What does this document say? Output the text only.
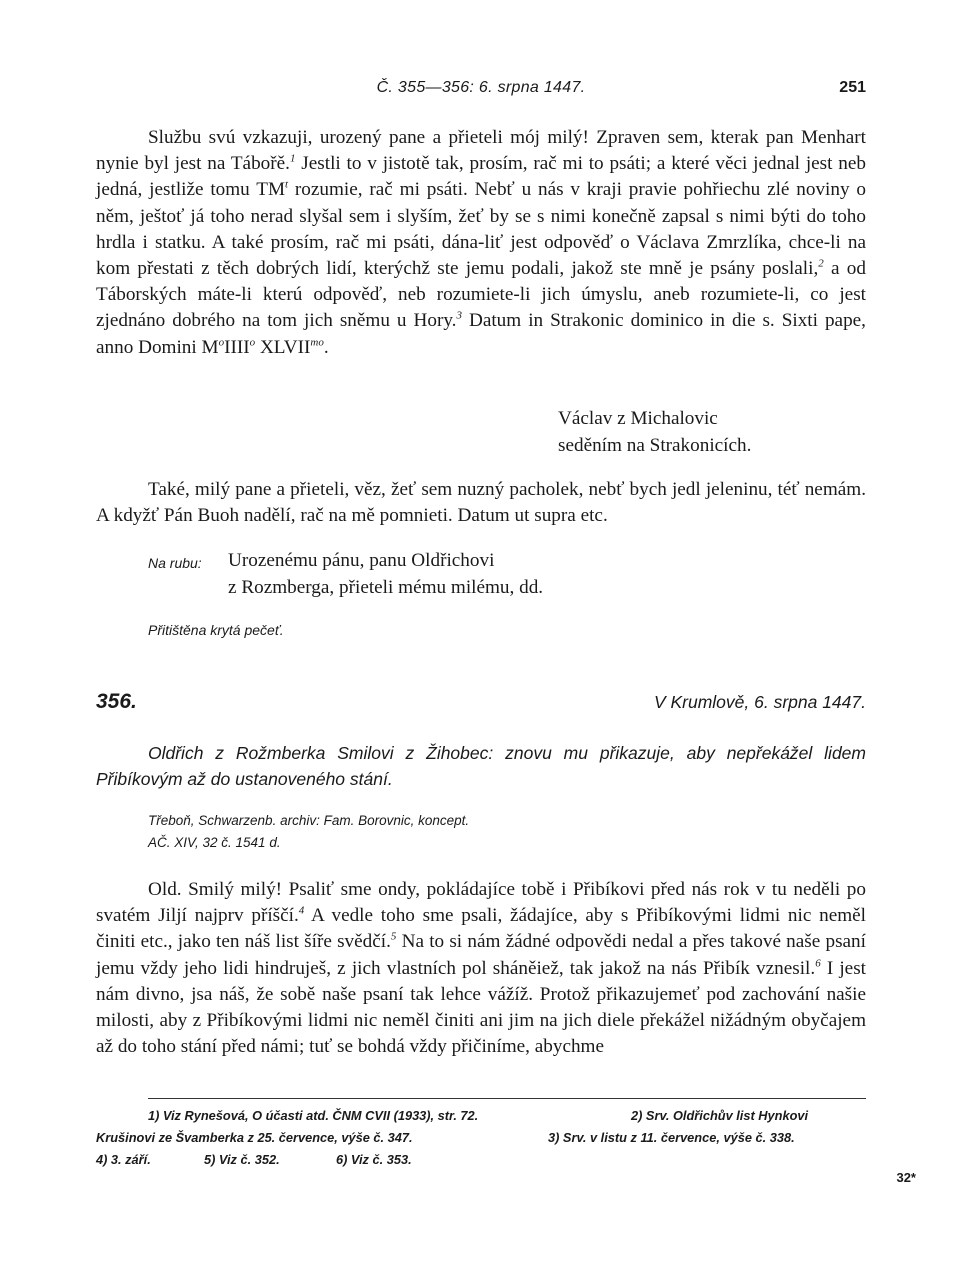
Č. 355—356: 6. srpna 1447.	251
Službu svú vzkazuji, urozený pane a přieteli mój milý! Zpraven sem, kterak pan Menhart nynie byl jest na Tábořě.$^1$ Jestli to v jistotě tak, prosím, rač mi to psáti; a které věci jednal jest neb jedná, jestliže tomu $TM^t$ rozumie, rač mi psáti. Nebť u nás v kraji pravie pohřiechu zlé noviny o něm, ještoť já toho nerad slyšal sem i slyším, žeť by se s nimi konečně zapsal s nimi býti do toho hrdla i statku. A také prosím, rač mi psáti, dána-liť jest odpověď o Václava Zmrzlíka, chce-li na kom přestati z těch dobrých lidí, kterýchž ste jemu podali, jakož ste mně je psány poslali,$^2$ a od Táborských máte-li kterú odpověď, neb rozumiete-li jich úmyslu, aneb rozumiete-li, co jest zjednáno dobrého na tom jich sněmu u Hory.$^3$ Datum in Strakonic dominico in die s. Sixti pape, anno Domini $M^oIIII^o$ $XLVII^{mo}$.
Václav z Michalovic
seděním na Strakonicích.
Také, milý pane a přieteli, věz, žeť sem nuzný pacholek, nebť bych jedl jeleninu, téť nemám. A kdyžť Pán Buoh nadělí, rač na mě pomnieti. Datum ut supra etc.
Na rubu: Urozenému pánu, panu Oldřichovi
z Rozmberga, přieteli mému milému, dd.
Přitištěna krytá pečeť.
356.	V Krumlově, 6. srpna 1447.
Oldřich z Rožmberka Smilovi z Žihobec: znovu mu přikazuje, aby nepřekážel lidem Přibíkovým až do ustanoveného stání.
Třeboň, Schwarzenb. archiv: Fam. Borovnic, koncept.
AČ. XIV, 32 č. 1541 d.
Old. Smilý milý! Psaliť sme ondy, pokládajíce tobě i Přibíkovi před nás rok v tu neděli po svatém Jiljí najprv příščí.$^4$ A vedle toho sme psali, žádajíce, aby s Přibíkovými lidmi nic neměl činiti etc., jako ten náš list šíře svědčí.$^5$ Na to si nám žádné odpovědi nedal a přes takové naše psaní jemu vždy jeho lidi hindruješ, z jich vlastních pol sháněiež, tak jakož na nás Přibík vznesil.$^6$ I jest nám divno, jsa náš, že sobě naše psaní tak lehce vážíž. Protož přikazujemeť pod zachování našie milosti, aby z Přibíkovými lidmi nic neměl činiti ani jim na jich diele překážel nižádným obyčajem až do toho stání před námi; tuť se bohdá vždy přičiníme, abychme
1) Viz Rynešová, O účasti atd. ČNM CVII (1933), str. 72.	2) Srv. Oldřichův list Hynkovi
Krušinovi ze Švamberka z 25. července, výše č. 347.	3) Srv. v listu z 11. července, výše č. 338.
4) 3. září.	5) Viz č. 352.	6) Viz č. 353.
32*
